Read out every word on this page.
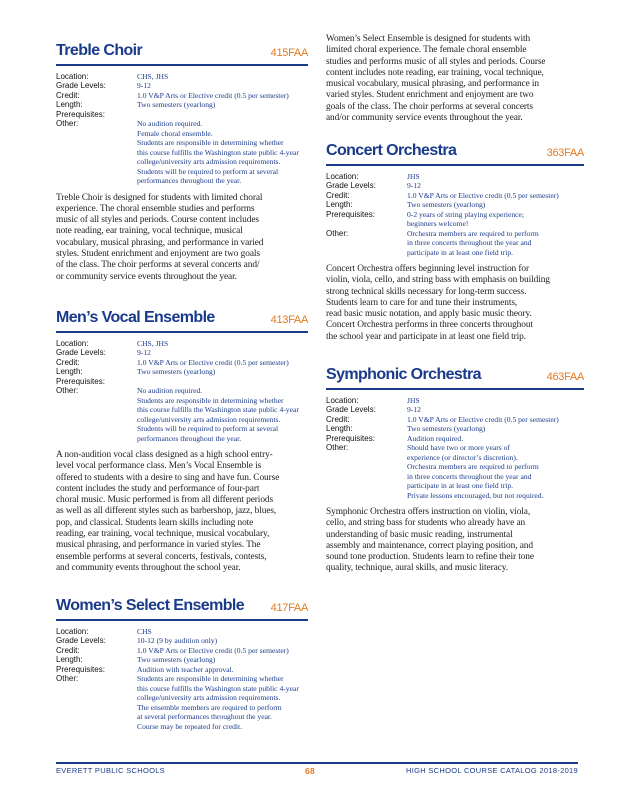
Treble Choir	415FAA
Location:	CHS, JHS
Grade Levels:	9-12
Credit:	1.0 V&P Arts or Elective credit (0.5 per semester)
Length:	Two semesters (yearlong)
Prerequisites:

Other:	No audition required.
Female choral ensemble.
Students are responsible in determining whether
this course fulfills the Washington state public 4-year
college/university arts admission requirements.
Students will be required to perform at several
performances throughout the year.
Treble Choir is designed for students with limited choral
experience. The choral ensemble studies and performs
music of all styles and periods. Course content includes
note reading, ear training, vocal technique, musical
vocabulary, musical phrasing, and performance in varied
styles. Student enrichment and enjoyment are two goals
of the class. The choir performs at several concerts and/
or community service events throughout the year.
Men’s Vocal Ensemble	413FAA
Location:	CHS, JHS
Grade Levels:	9-12
Credit:	1.0 V&P Arts or Elective credit (0.5 per semester)
Length:	Two semesters (yearlong)
Prerequisites:

Other:	No audition required.
Students are responsible in determining whether
this course fulfills the Washington state public 4-year
college/university arts admission requirements.
Students will be required to perform at several
performances throughout the year.
A non-audition vocal class designed as a high school entry-
level vocal performance class. Men’s Vocal Ensemble is
offered to students with a desire to sing and have fun. Course
content includes the study and performance of four-part
choral music. Music performed is from all different periods
as well as all different styles such as barbershop, jazz, blues,
pop, and classical. Students learn skills including note
reading, ear training, vocal technique, musical vocabulary,
musical phrasing, and performance in varied styles. The
ensemble performs at several concerts, festivals, contests,
and community events throughout the school year.
Women’s Select Ensemble 417FAA
Location:	CHS
Grade Levels:	10-12 (9 by audition only)
Credit:	1.0 V&P Arts or Elective credit (0.5 per semester)
Length:	Two semesters (yearlong)
Prerequisites:	Audition with teacher approval.
Other:	Students are responsible in determining whether
this course fulfills the Washington state public 4-year
college/university arts admission requirements.
The ensemble members are required to perform
at several performances throughout the year.
Course may be repeated for credit.
Women’s Select Ensemble is designed for students with
limited choral experience. The female choral ensemble
studies and performs music of all styles and periods. Course
content includes note reading, ear training, vocal technique,
musical vocabulary, musical phrasing, and performance in
varied styles. Student enrichment and enjoyment are two
goals of the class. The choir performs at several concerts
and/or community service events throughout the year.
Concert Orchestra	363FAA
Location:	JHS
Grade Levels:	9-12
Credit:	1.0 V&P Arts or Elective credit (0.5 per semester)
Length:	Two semesters (yearlong)
Prerequisites:	0-2 years of string playing experience;
beginners welcome!
Other:	Orchestra members are required to perform
in three concerts throughout the year and
participate in at least one field trip.
Concert Orchestra offers beginning level instruction for
violin, viola, cello, and string bass with emphasis on building
strong technical skills necessary for long-term success.
Students learn to care for and tune their instruments,
read basic music notation, and apply basic music theory.
Concert Orchestra performs in three concerts throughout
the school year and participate in at least one field trip.
Symphonic Orchestra	463FAA
Location:	JHS
Grade Levels:	9-12
Credit:	1.0 V&P Arts or Elective credit (0.5 per semester)
Length:	Two semesters (yearlong)
Prerequisites:	Audition required.
Other:	Should have two or more years of
experience (or director’s discretion).
Orchestra members are required to perform
in three concerts throughout the year and
participate in at least one field trip.
Private lessons encouraged, but not required.
Symphonic Orchestra offers instruction on violin, viola,
cello, and string bass for students who already have an
understanding of basic music reading, instrumental
assembly and maintenance, correct playing position, and
sound tone production. Students learn to refine their tone
quality, technique, aural skills, and music literacy.
EVERETT PUBLIC SCHOOLS	68	HIGH SCHOOL COURSE CATALOG 2018-2019
